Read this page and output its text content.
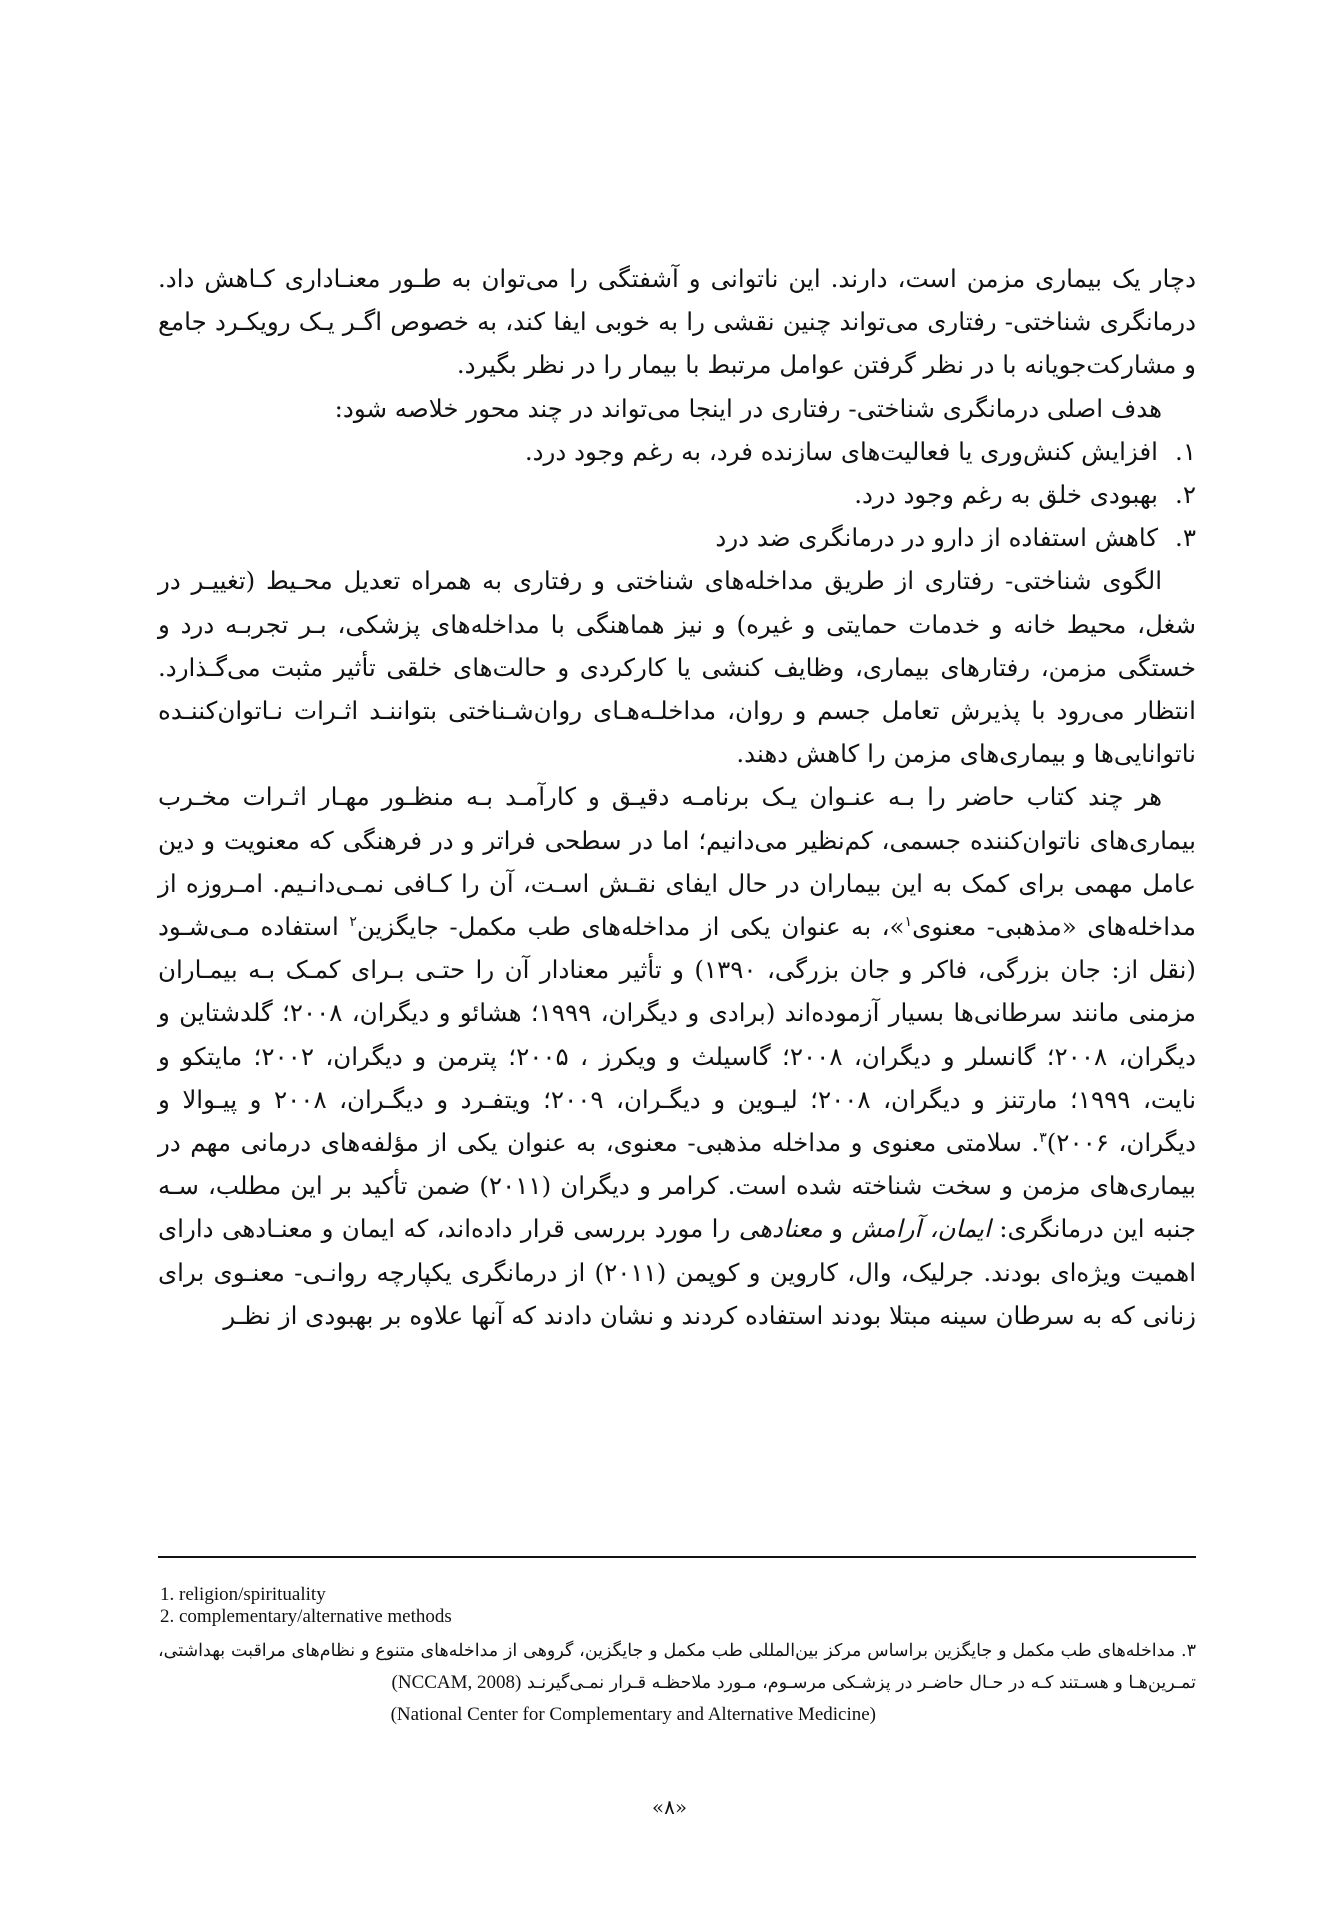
دچار یک بیماری مزمن است، دارند. این ناتوانی و آشفتگی را می‌توان به طـور معنـاداری کـاهش داد. درمانگری شناختی- رفتاری می‌تواند چنین نقشی را به خوبی ایفا کند، به خصوص اگـر یـک رویکـرد جامع و مشارکت‌جویانه با در نظر گرفتن عوامل مرتبط با بیمار را در نظر بگیرد.

هدف اصلی درمانگری شناختی- رفتاری در اینجا می‌تواند در چند محور خلاصه شود:

۱.
افزایش کنش‌وری یا فعالیت‌های سازنده فرد، به رغم وجود درد.
۲.
بهبودی خلق به رغم وجود درد.
۳.
کاهش استفاده از دارو در درمانگری ضد درد

الگوی شناختی- رفتاری از طریق مداخله‌های شناختی و رفتاری به همراه تعدیل محـیط (تغییـر در شغل، محیط خانه و خدمات حمایتی و غیره) و نیز هماهنگی با مداخله‌های پزشکی، بـر تجربـه درد و خستگی مزمن، رفتارهای بیماری، وظایف کنشی یا کارکردی و حالت‌های خلقی تأثیر مثبت می‌گـذارد. انتظار می‌رود با پذیرش تعامل جسم و روان، مداخلـه‌هـای روان‌شـناختی بتواننـد اثـرات نـاتوان‌کننـده ناتوانایی‌ها و بیماری‌های مزمن را کاهش دهند.

هر چند کتاب حاضر را بـه عنـوان یـک برنامـه دقیـق و کارآمـد بـه منظـور مهـار اثـرات مخـرب بیماری‌های ناتوان‌کننده جسمی، کم‌نظیر می‌دانیم؛ اما در سطحی فراتر و در فرهنگی که معنویت و دین عامل مهمی برای کمک به این بیماران در حال ایفای نقـش اسـت، آن را کـافی نمـی‌دانـیم. امـروزه از مداخله‌های «مذهبی- معنوی$^۱$»، به عنوان یکی از مداخله‌های طب مکمل- جایگزین$^۲$ استفاده مـی‌شـود (نقل از: جان بزرگی، فاکر و جان بزرگی، ۱۳۹۰) و تأثیر معنادار آن را حتـی بـرای کمـک بـه بیمـاران مزمنی مانند سرطانی‌ها بسیار آزموده‌اند (برادی و دیگران، ۱۹۹۹؛ هشائو و دیگران، ۲۰۰۸؛ گلدشتاین و دیگران، ۲۰۰۸؛ گانسلر و دیگران، ۲۰۰۸؛ گاسیلث و ویکرز ، ۲۰۰۵؛ پترمن و دیگران، ۲۰۰۲؛ مایتکو و نایت، ۱۹۹۹؛ مارتنز و دیگران، ۲۰۰۸؛ لیـوین و دیگـران، ۲۰۰۹؛ ویتفـرد و دیگـران، ۲۰۰۸ و پیـوالا و دیگران، ۲۰۰۶)$^۳$. سلامتی معنوی و مداخله مذهبی- معنوی، به عنوان یکی از مؤلفه‌های درمانی مهم در بیماری‌های مزمن و سخت شناخته شده است. کرامر و دیگران (۲۰۱۱) ضمن تأکید بر این مطلب، سـه جنبه این درمانگری: ایمان، آرامش و معنادهی را مورد بررسی قرار داده‌اند، که ایمان و معنـادهی دارای اهمیت ویژه‌ای بودند. جرلیک، وال، کاروین و کوپمن (۲۰۱۱) از درمانگری یکپارچه روانـی- معنـوی برای زنانی که به سرطان سینه مبتلا بودند استفاده کردند و نشان دادند که آنها علاوه بر بهبودی از نظـر

1. religion/spirituality
2. complementary/alternative methods
۳. مداخله‌های طب مکمل و جایگزین براساس مرکز بین‌المللی طب مکمل و جایگزین، گروهی از مداخله‌های متنوع و نظام‌های مراقبت بهداشتی، تمـرین‌هـا و هسـتند کـه در حـال حاضـر در پزشـکی مرسـوم، مـورد ملاحظـه قـرار نمـی‌گیرنـد (NCCAM, 2008)
(National Center for Complementary and Alternative Medicine)
«۸»
